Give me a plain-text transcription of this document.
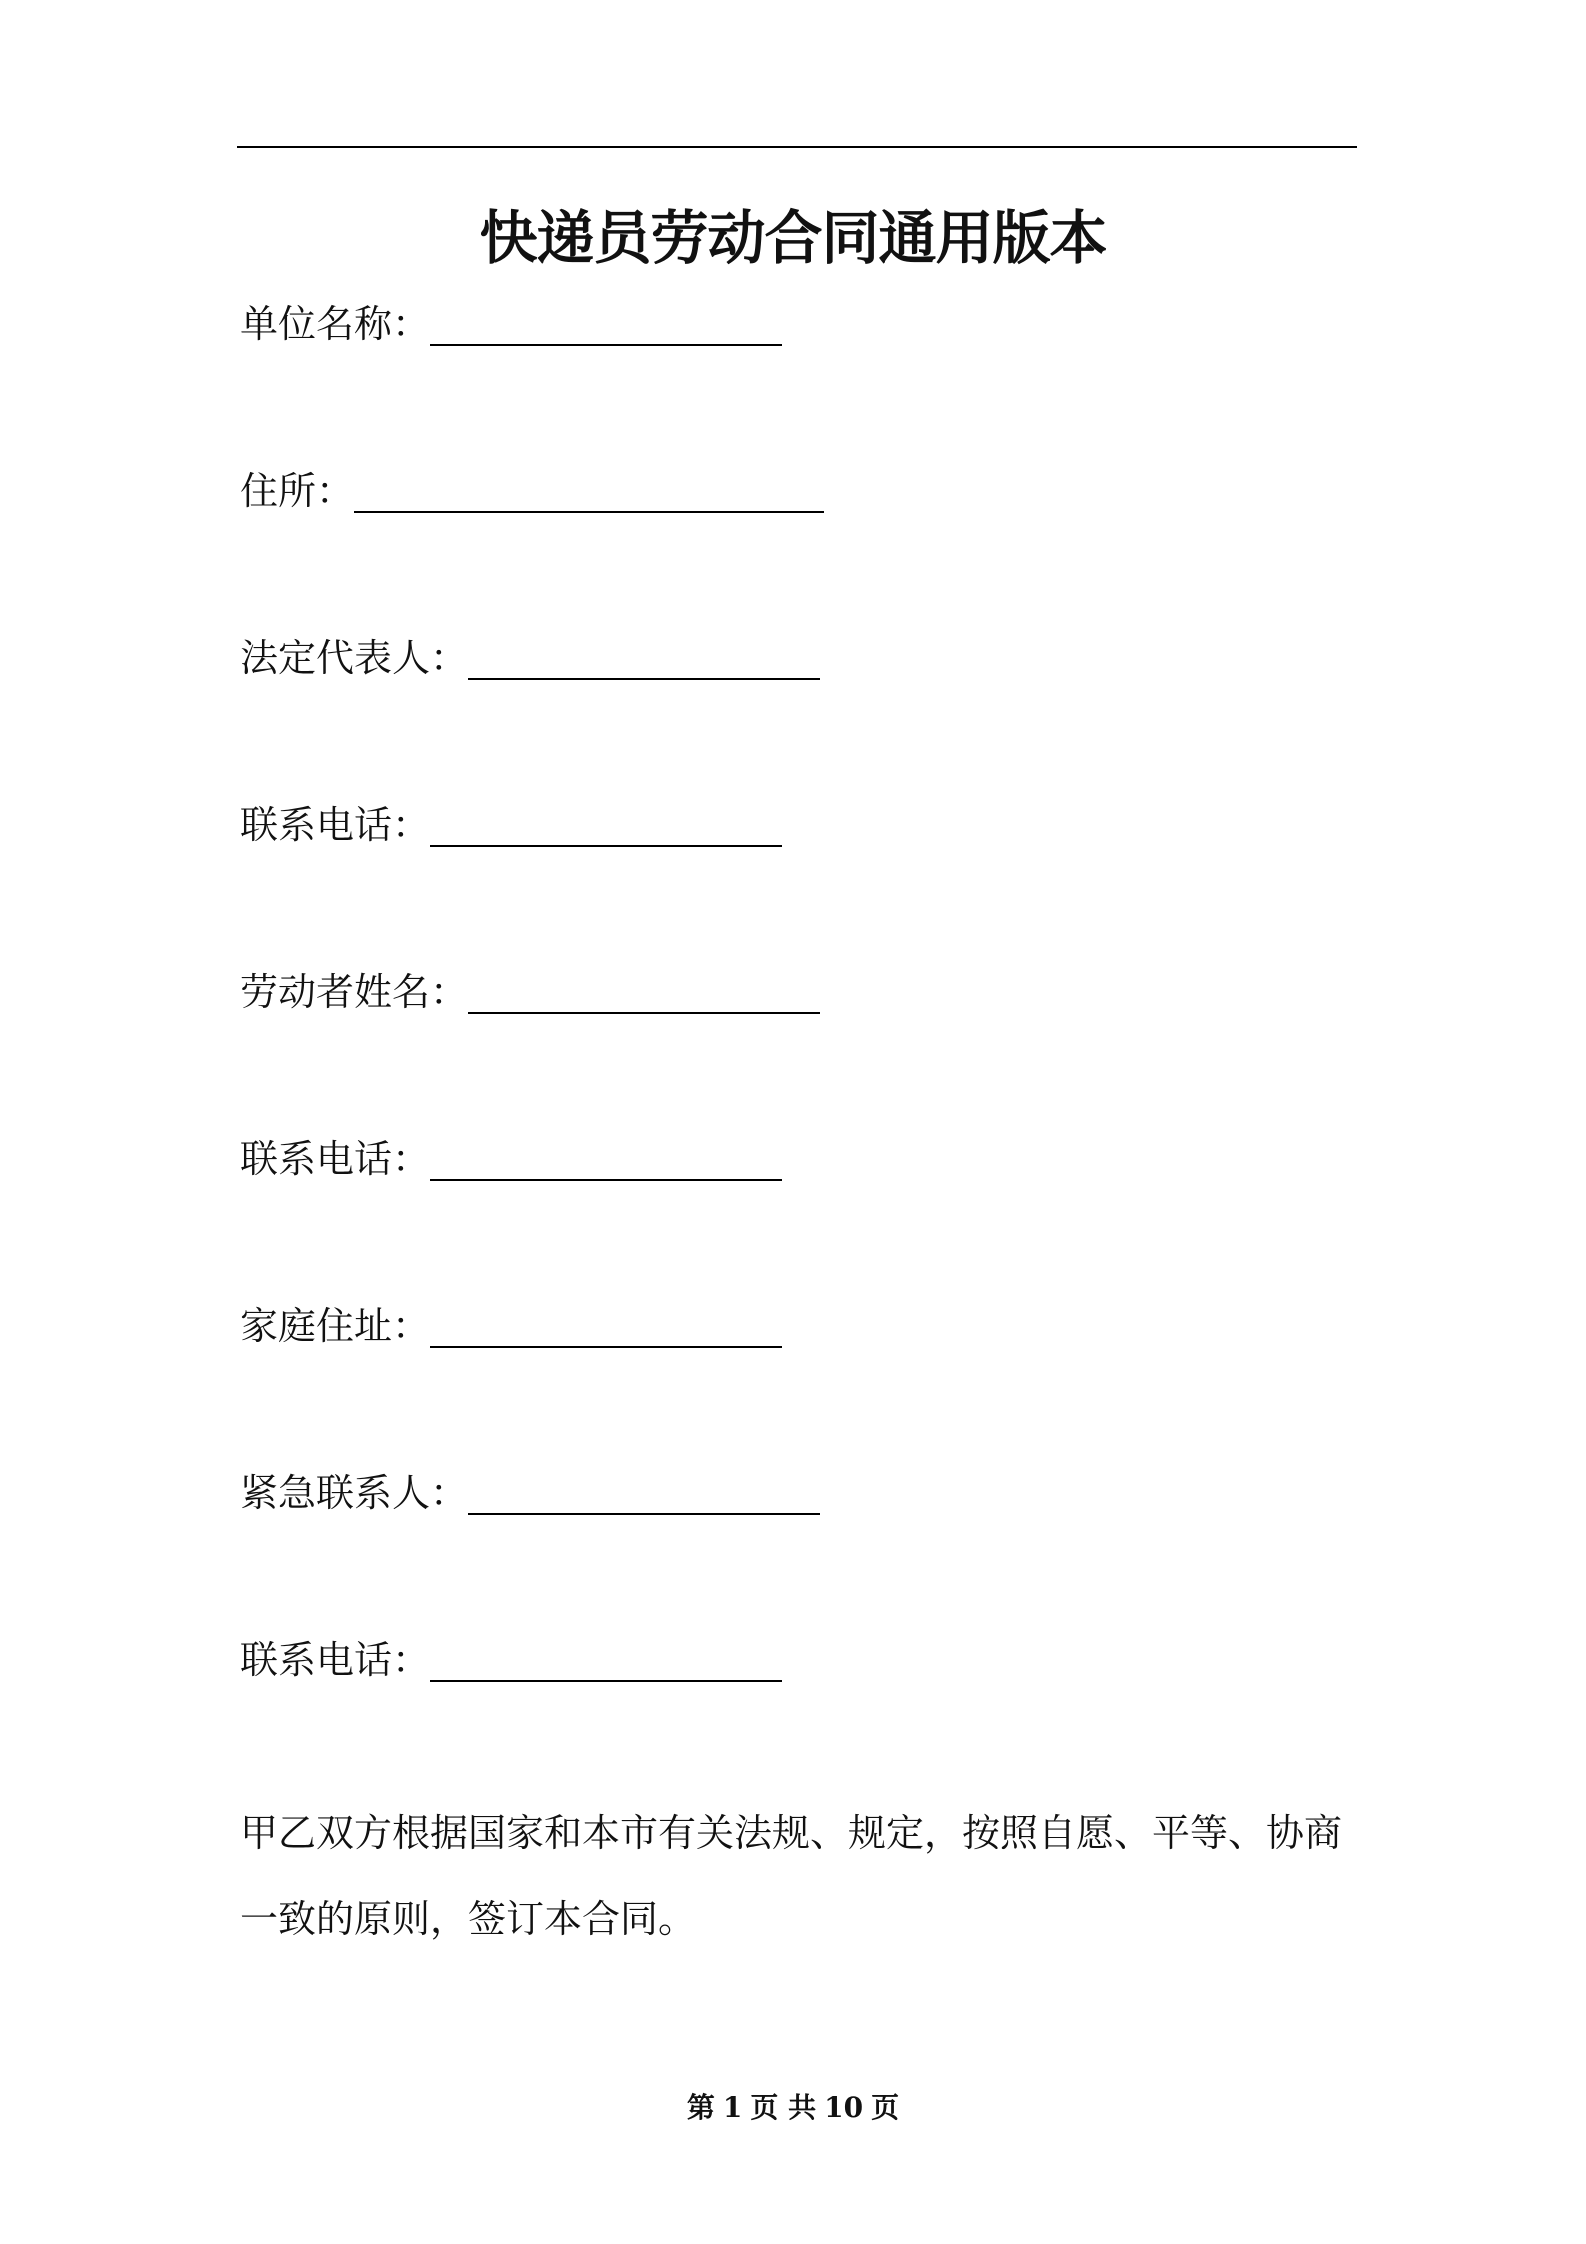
快递员劳动合同通用版本
单位名称：
住所：
法定代表人：
联系电话：
劳动者姓名：
联系电话：
家庭住址：
紧急联系人：
联系电话：
甲乙双方根据国家和本市有关法规、规定，按照自愿、平等、协商一致的原则，签订本合同。
第 1 页 共 10 页
